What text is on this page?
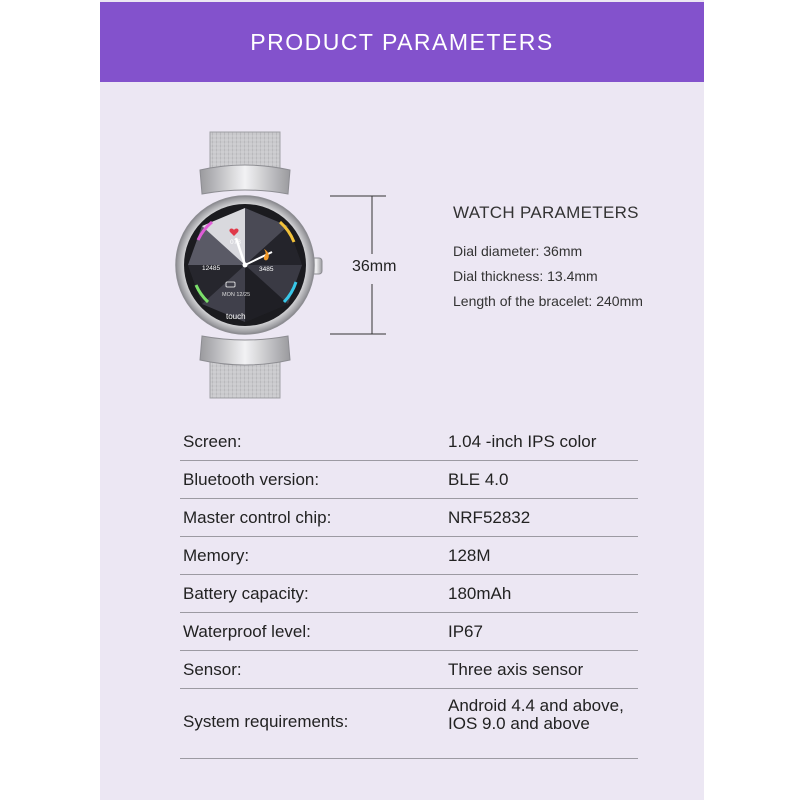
PRODUCT PARAMETERS
078
12485	3485
MON 12/25
touch
36mm
WATCH PARAMETERS
Dial diameter: 36mm
Dial thickness: 13.4mm
Length of the bracelet: 240mm
Screen:	1.04 -inch IPS color
Bluetooth version:	BLE 4.0
Master control chip:	NRF52832
Memory:	128M
Battery capacity:	180mAh
Waterproof level:	IP67
Sensor:	Three axis sensor
System requirements:
Android 4.4 and above,
IOS 9.0 and above
